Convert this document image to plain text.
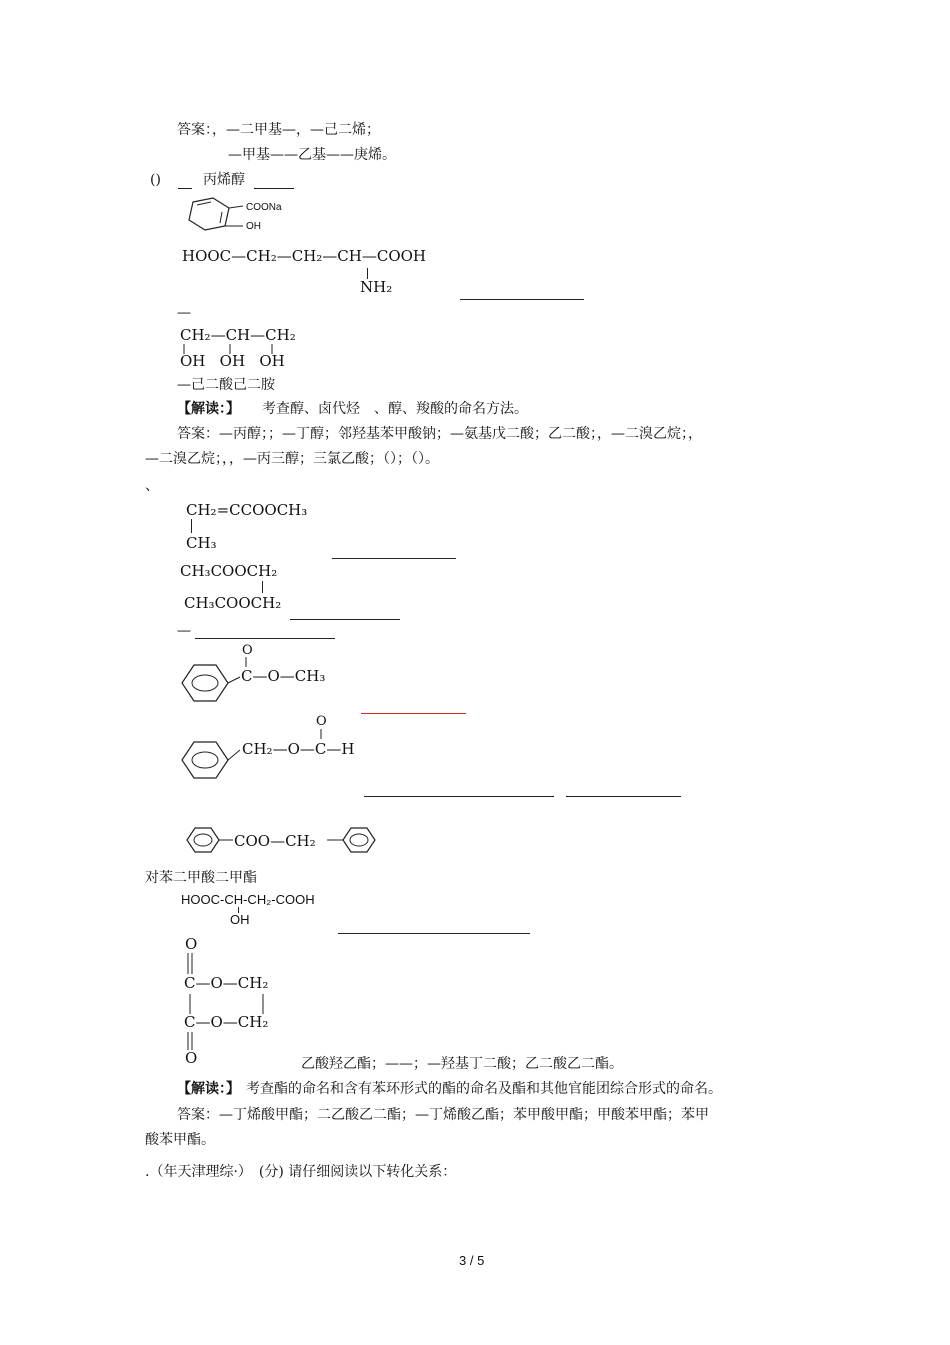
答案：，—二甲基—，—己二烯；
—甲基——乙基——庚烯。
()	丙烯醇
COONa
OH
HOOC—CH₂—CH₂—CH—COOH
NH₂
—
CH₂—CH—CH₂
OH   OH   OH
—己二酸己二胺
【解读：】 考查醇、卤代烃　、醇、羧酸的命名方法。
答案：—丙醇；；—丁醇；邻羟基苯甲酸钠；—氨基戊二酸；乙二酸；，—二溴乙烷；，
—二溴乙烷；，，—丙三醇；三氯乙酸；（）；（）。
、
CH₂=CCOOCH₃
CH₃
CH₃COOCH₂
CH₃COOCH₂
—
O
C—O—CH₃
O
CH₂—O—C—H
COO—CH₂
对苯二甲酸二甲酯
HOOC-CH-CH₂-COOH
OH
O
C—O—CH₂
C—O—CH₂
O	乙酸羟乙酯；——；—羟基丁二酸；乙二酸乙二酯。
【解读：】 考查酯的命名和含有苯环形式的酯的命名及酯和其他官能团综合形式的命名。
答案：—丁烯酸甲酯；二乙酸乙二酯；—丁烯酸乙酯；苯甲酸甲酯；甲酸苯甲酯；苯甲
酸苯甲酯。
.（年天津理综·）　(分) 请仔细阅读以下转化关系：
3 / 5
